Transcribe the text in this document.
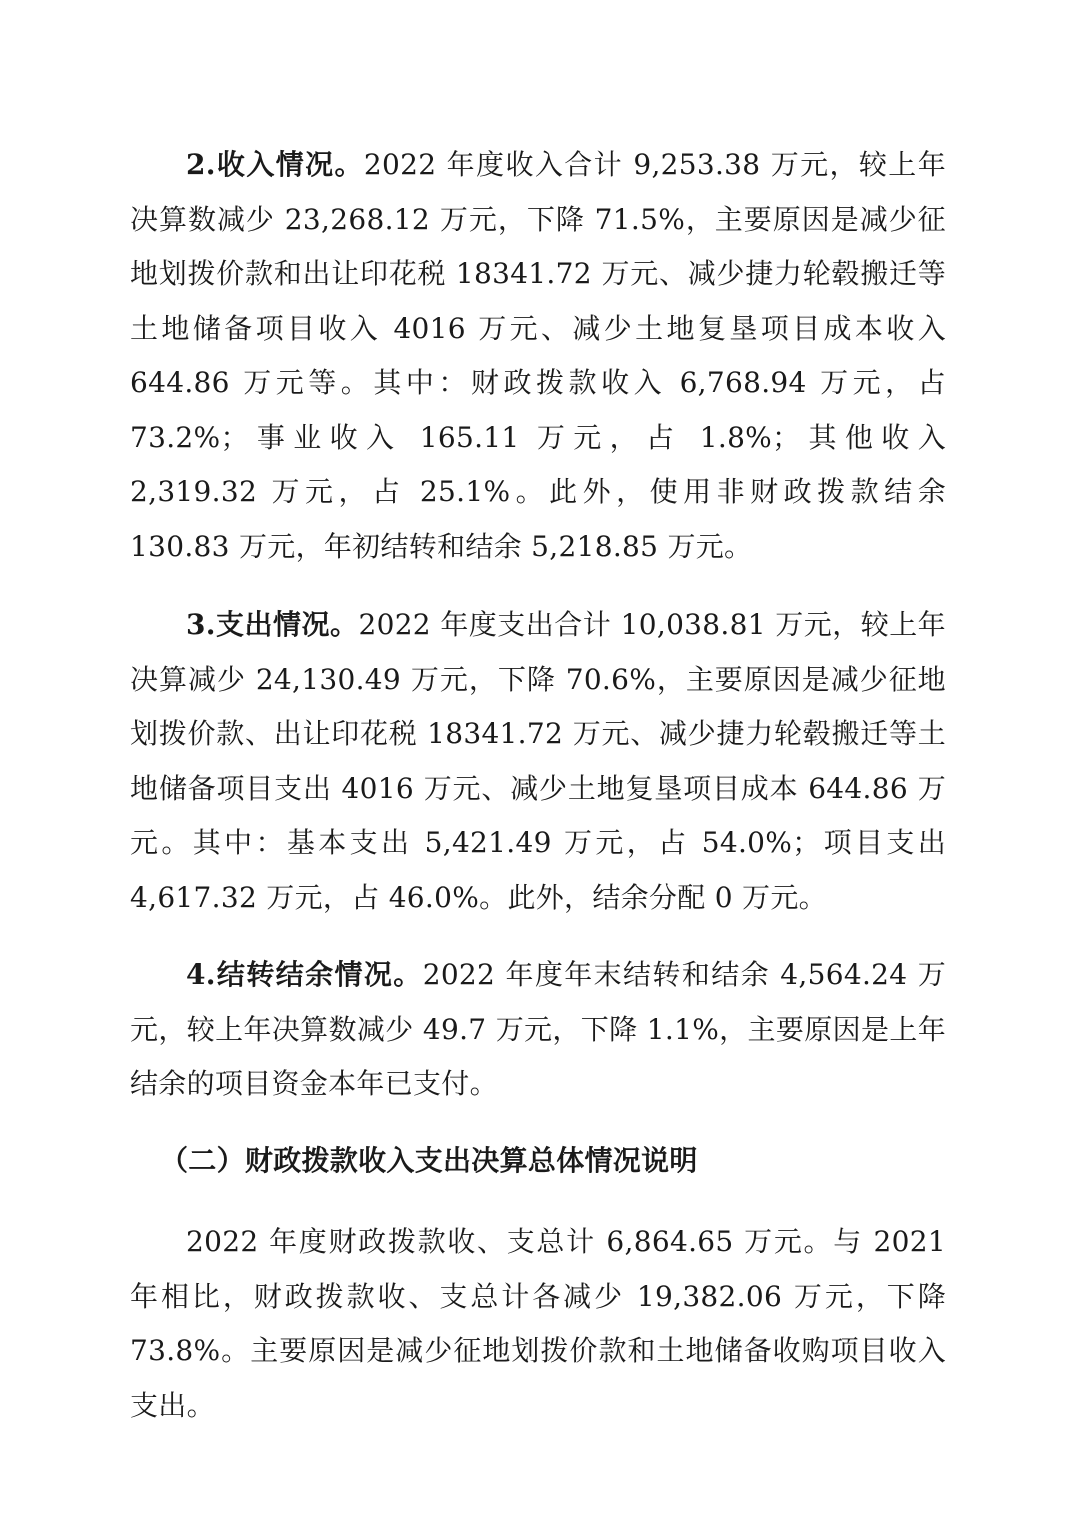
2.收入情况。2022 年度收入合计 9,253.38 万元，较上年决算数减少 23,268.12 万元，下降 71.5%，主要原因是减少征地划拨价款和出让印花税 18341.72 万元、减少捷力轮毂搬迁等土地储备项目收入 4016 万元、减少土地复垦项目成本收入 644.86 万元等。其中：财政拨款收入 6,768.94 万元，占 73.2%；事业收入 165.11 万元，占 1.8%；其他收入 2,319.32 万元，占 25.1%。此外，使用非财政拨款结余 130.83 万元，年初结转和结余 5,218.85 万元。

3.支出情况。2022 年度支出合计 10,038.81 万元，较上年决算减少 24,130.49 万元，下降 70.6%，主要原因是减少征地划拨价款、出让印花税 18341.72 万元、减少捷力轮毂搬迁等土地储备项目支出 4016 万元、减少土地复垦项目成本 644.86 万元。其中：基本支出 5,421.49 万元，占 54.0%；项目支出 4,617.32 万元，占 46.0%。此外，结余分配 0 万元。

4.结转结余情况。2022 年度年末结转和结余 4,564.24 万元，较上年决算数减少 49.7 万元，下降 1.1%，主要原因是上年结余的项目资金本年已支付。

（二）财政拨款收入支出决算总体情况说明

2022 年度财政拨款收、支总计 6,864.65 万元。与 2021 年相比，财政拨款收、支总计各减少 19,382.06 万元，下降 73.8%。主要原因是减少征地划拨价款和土地储备收购项目收入支出。
